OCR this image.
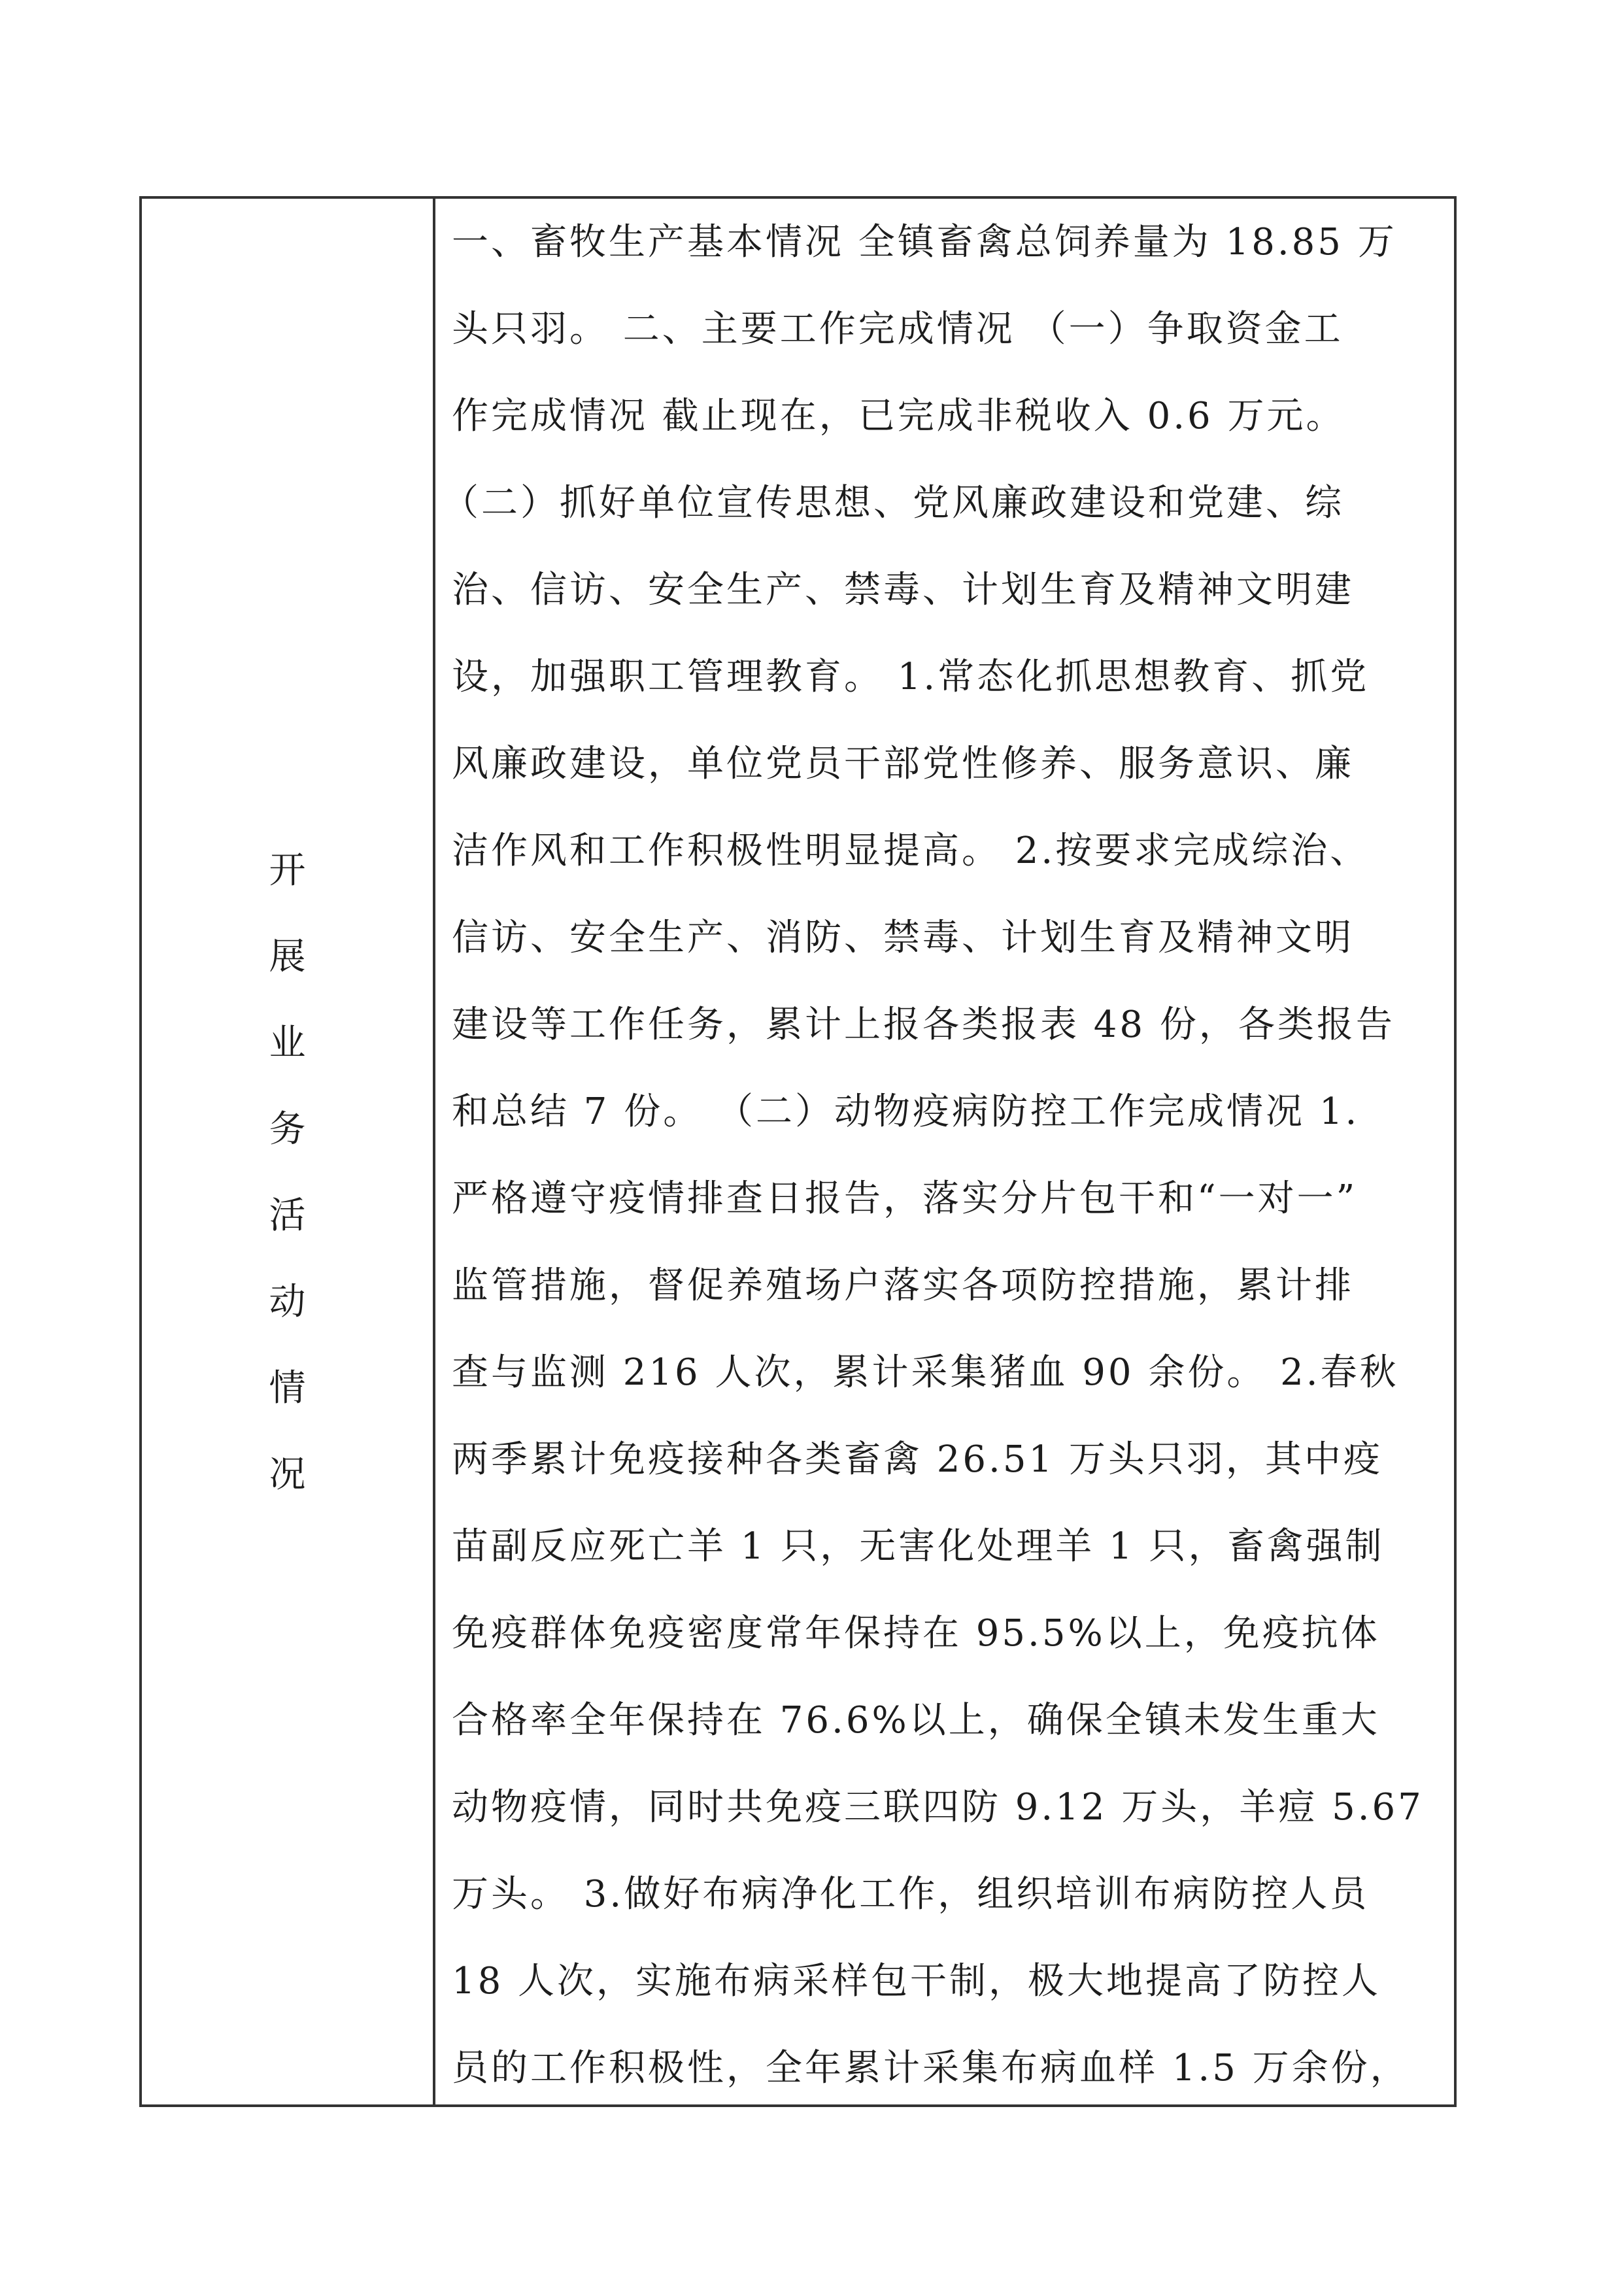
开
展
业
务
活
动
情
况
一、畜牧生产基本情况 全镇畜禽总饲养量为 18.85 万
头只羽。 二、主要工作完成情况 （一）争取资金工
作完成情况 截止现在，已完成非税收入 0.6 万元。
（二）抓好单位宣传思想、党风廉政建设和党建、综
治、信访、安全生产、禁毒、计划生育及精神文明建
设，加强职工管理教育。 1.常态化抓思想教育、抓党
风廉政建设，单位党员干部党性修养、服务意识、廉
洁作风和工作积极性明显提高。 2.按要求完成综治、
信访、安全生产、消防、禁毒、计划生育及精神文明
建设等工作任务，累计上报各类报表 48 份，各类报告
和总结 7 份。 （二）动物疫病防控工作完成情况 1.
严格遵守疫情排查日报告，落实分片包干和“一对一”
监管措施，督促养殖场户落实各项防控措施，累计排
查与监测 216 人次，累计采集猪血 90 余份。 2.春秋
两季累计免疫接种各类畜禽 26.51 万头只羽，其中疫
苗副反应死亡羊 1 只，无害化处理羊 1 只，畜禽强制
免疫群体免疫密度常年保持在 95.5%以上，免疫抗体
合格率全年保持在 76.6%以上，确保全镇未发生重大
动物疫情，同时共免疫三联四防 9.12 万头，羊痘 5.67
万头。 3.做好布病净化工作，组织培训布病防控人员
18 人次，实施布病采样包干制，极大地提高了防控人
员的工作积极性，全年累计采集布病血样 1.5 万余份，
